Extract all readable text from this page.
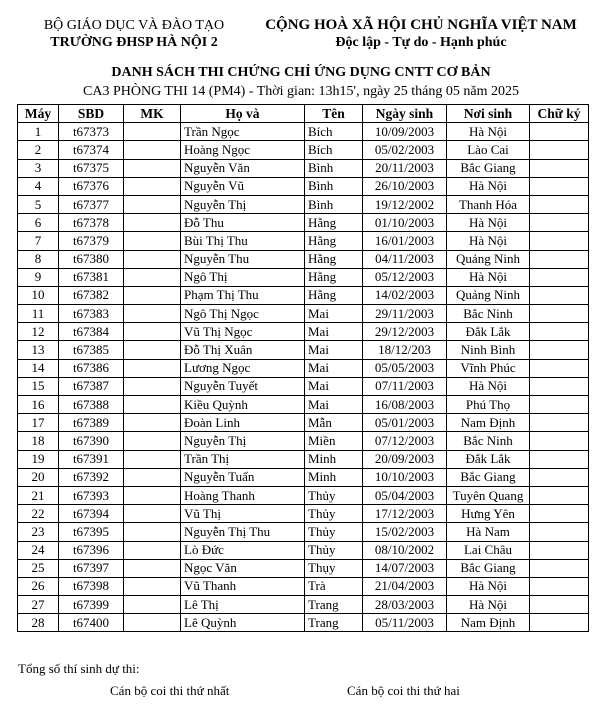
BỘ GIÁO DỤC VÀ ĐÀO TẠO
TRƯỜNG ĐHSP HÀ NỘI 2
CỘNG HOÀ XÃ HỘI CHỦ NGHĨA VIỆT NAM
Độc lập - Tự do - Hạnh phúc
DANH SÁCH THI CHỨNG CHỈ ỨNG DỤNG CNTT CƠ BẢN
CA3 PHÒNG THI 14 (PM4) - Thời gian: 13h15', ngày 25 tháng 05 năm 2025
Máy	SBD	MK	Họ và	Tên	Ngày sinh	Nơi sinh	Chữ ký
1	t67373		Trần Ngọc	Bích	10/09/2003	Hà Nội	
2	t67374		Hoàng Ngọc	Bích	05/02/2003	Lào Cai	
3	t67375		Nguyễn Văn	Bình	20/11/2003	Bắc Giang	
4	t67376		Nguyễn Vũ	Bình	26/10/2003	Hà Nội	
5	t67377		Nguyễn Thị	Bình	19/12/2002	Thanh Hóa	
6	t67378		Đỗ Thu	Hằng	01/10/2003	Hà Nội	
7	t67379		Bùi Thị Thu	Hằng	16/01/2003	Hà Nội	
8	t67380		Nguyễn Thu	Hằng	04/11/2003	Quảng Ninh	
9	t67381		Ngô Thị	Hằng	05/12/2003	Hà Nội	
10	t67382		Phạm Thị Thu	Hằng	14/02/2003	Quảng Ninh	
11	t67383		Ngô Thị Ngọc	Mai	29/11/2003	Bắc Ninh	
12	t67384		Vũ Thị Ngọc	Mai	29/12/2003	Đắk Lắk	
13	t67385		Đỗ Thị Xuân	Mai	18/12/203	Ninh Bình	
14	t67386		Lương Ngọc	Mai	05/05/2003	Vĩnh Phúc	
15	t67387		Nguyễn Tuyết	Mai	07/11/2003	Hà Nội	
16	t67388		Kiều Quỳnh	Mai	16/08/2003	Phú Thọ	
17	t67389		Đoàn Linh	Mẫn	05/01/2003	Nam Định	
18	t67390		Nguyễn Thị	Miền	07/12/2003	Bắc Ninh	
19	t67391		Trần Thị	Minh	20/09/2003	Đắk Lắk	
20	t67392		Nguyễn Tuấn	Minh	10/10/2003	Bắc Giang	
21	t67393		Hoàng Thanh	Thủy	05/04/2003	Tuyên Quang	
22	t67394		Vũ Thị	Thủy	17/12/2003	Hưng Yên	
23	t67395		Nguyễn Thị Thu	Thủy	15/02/2003	Hà Nam	
24	t67396		Lò Đức	Thủy	08/10/2002	Lai Châu	
25	t67397		Ngọc Văn	Thụy	14/07/2003	Bắc Giang	
26	t67398		Vũ Thanh	Trà	21/04/2003	Hà Nội	
27	t67399		Lê Thị	Trang	28/03/2003	Hà Nội	
28	t67400		Lê Quỳnh	Trang	05/11/2003	Nam Định	
Tổng số thí sinh dự thi:
Cán bộ coi thi thứ nhất	Cán bộ coi thi thứ hai
